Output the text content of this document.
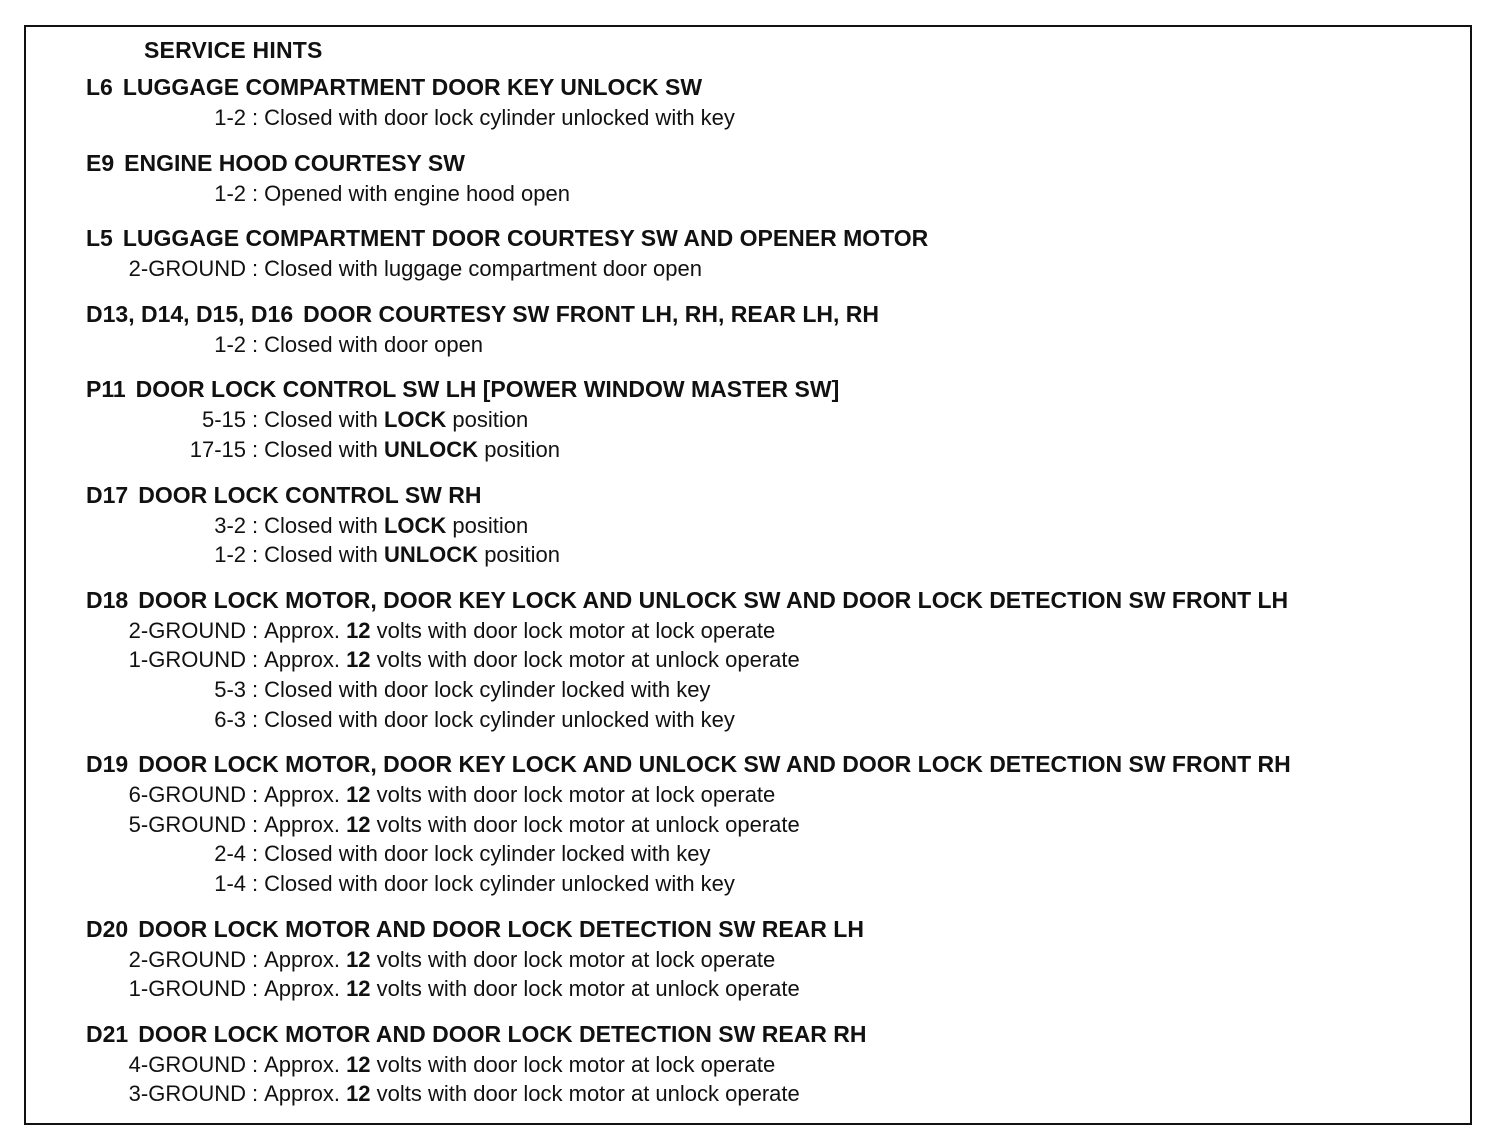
SERVICE HINTS
L6 LUGGAGE COMPARTMENT DOOR KEY UNLOCK SW
1-2 : Closed with door lock cylinder unlocked with key
E9 ENGINE HOOD COURTESY SW
1-2 : Opened with engine hood open
L5 LUGGAGE COMPARTMENT DOOR COURTESY SW AND OPENER MOTOR
2-GROUND : Closed with luggage compartment door open
D13, D14, D15, D16 DOOR COURTESY SW FRONT LH, RH, REAR LH, RH
1-2 : Closed with door open
P11 DOOR LOCK CONTROL SW LH [POWER WINDOW MASTER SW]
5-15 : Closed with LOCK position
17-15 : Closed with UNLOCK position
D17 DOOR LOCK CONTROL SW RH
3-2 : Closed with LOCK position
1-2 : Closed with UNLOCK position
D18 DOOR LOCK MOTOR, DOOR KEY LOCK AND UNLOCK SW AND DOOR LOCK DETECTION SW FRONT LH
2-GROUND : Approx. 12 volts with door lock motor at lock operate
1-GROUND : Approx. 12 volts with door lock motor at unlock operate
5-3 : Closed with door lock cylinder locked with key
6-3 : Closed with door lock cylinder unlocked with key
D19 DOOR LOCK MOTOR, DOOR KEY LOCK AND UNLOCK SW AND DOOR LOCK DETECTION SW FRONT RH
6-GROUND : Approx. 12 volts with door lock motor at lock operate
5-GROUND : Approx. 12 volts with door lock motor at unlock operate
2-4 : Closed with door lock cylinder locked with key
1-4 : Closed with door lock cylinder unlocked with key
D20 DOOR LOCK MOTOR AND DOOR LOCK DETECTION SW REAR LH
2-GROUND : Approx. 12 volts with door lock motor at lock operate
1-GROUND : Approx. 12 volts with door lock motor at unlock operate
D21 DOOR LOCK MOTOR AND DOOR LOCK DETECTION SW REAR RH
4-GROUND : Approx. 12 volts with door lock motor at lock operate
3-GROUND : Approx. 12 volts with door lock motor at unlock operate
